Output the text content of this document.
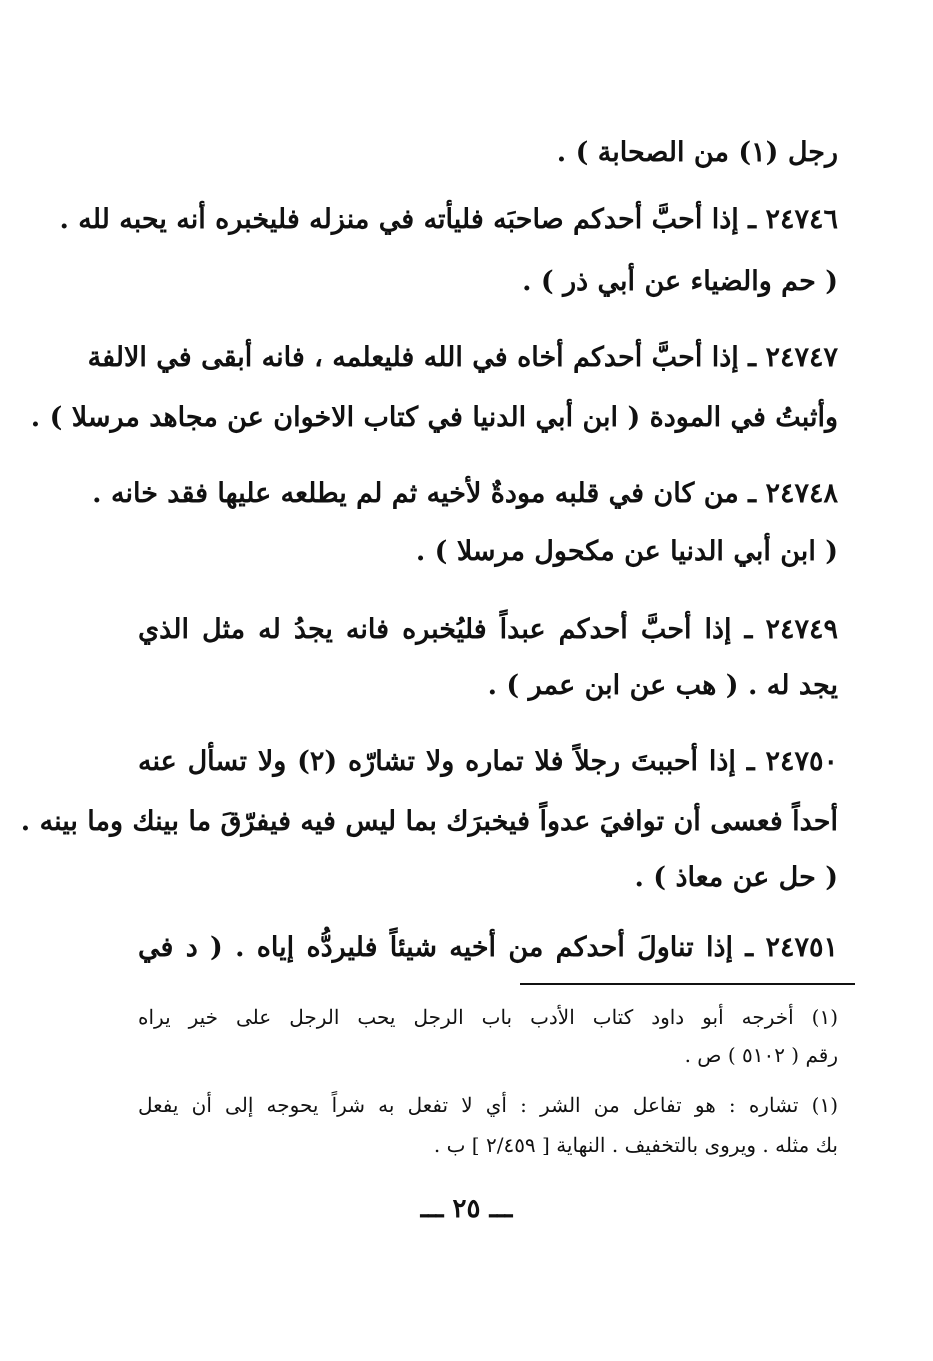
رجل (١) من الصحابة ) .
٢٤٧٤٦ ـ إذا أحبَّ أحدكم صاحبَه فليأته في منزله فليخبره أنه يحبه لله .
( حم والضياء عن أبي ذر ) .
٢٤٧٤٧ ـ إذا أحبَّ أحدكم أخاه في الله فليعلمه ، فانه أبقى في الالفة
وأثبتُ في المودة ( ابن أبي الدنيا في كتاب الاخوان عن مجاهد مرسلا ) .
٢٤٧٤٨ ـ من كان في قلبه مودةٌ لأخيه ثم لم يطلعه عليها فقد خانه .
( ابن أبي الدنيا عن مكحول مرسلا ) .
٢٤٧٤٩ ـ إذا أحبَّ أحدكم عبداً فليُخبره فانه يجدُ له مثل الذي
يجد له . ( هب عن ابن عمر ) .
٢٤٧٥٠ ـ إذا أحببتَ رجلاً فلا تماره ولا تشارّه (٢) ولا تسأل عنه
أحداً فعسى أن توافيَ عدواً فيخبرَك بما ليس فيه فيفرّقَ ما بينك وما بينه .
( حل عن معاذ ) .
٢٤٧٥١ ـ إذا تناولَ أحدكم من أخيه شيئاً فليردُّه إياه . ( د في
(١) أخرجه أبو داود كتاب الأدب باب الرجل يحب الرجل على خير يراه
رقم ( ٥١٠٢ ) ص .
(١) تشاره : هو تفاعل من الشر : أي لا تفعل به شراً يحوجه إلى أن يفعل
بك مثله . ويروى بالتخفيف . النهاية [ ٢/٤٥٩ ] ب .
ـــ ٢٥ ـــ
